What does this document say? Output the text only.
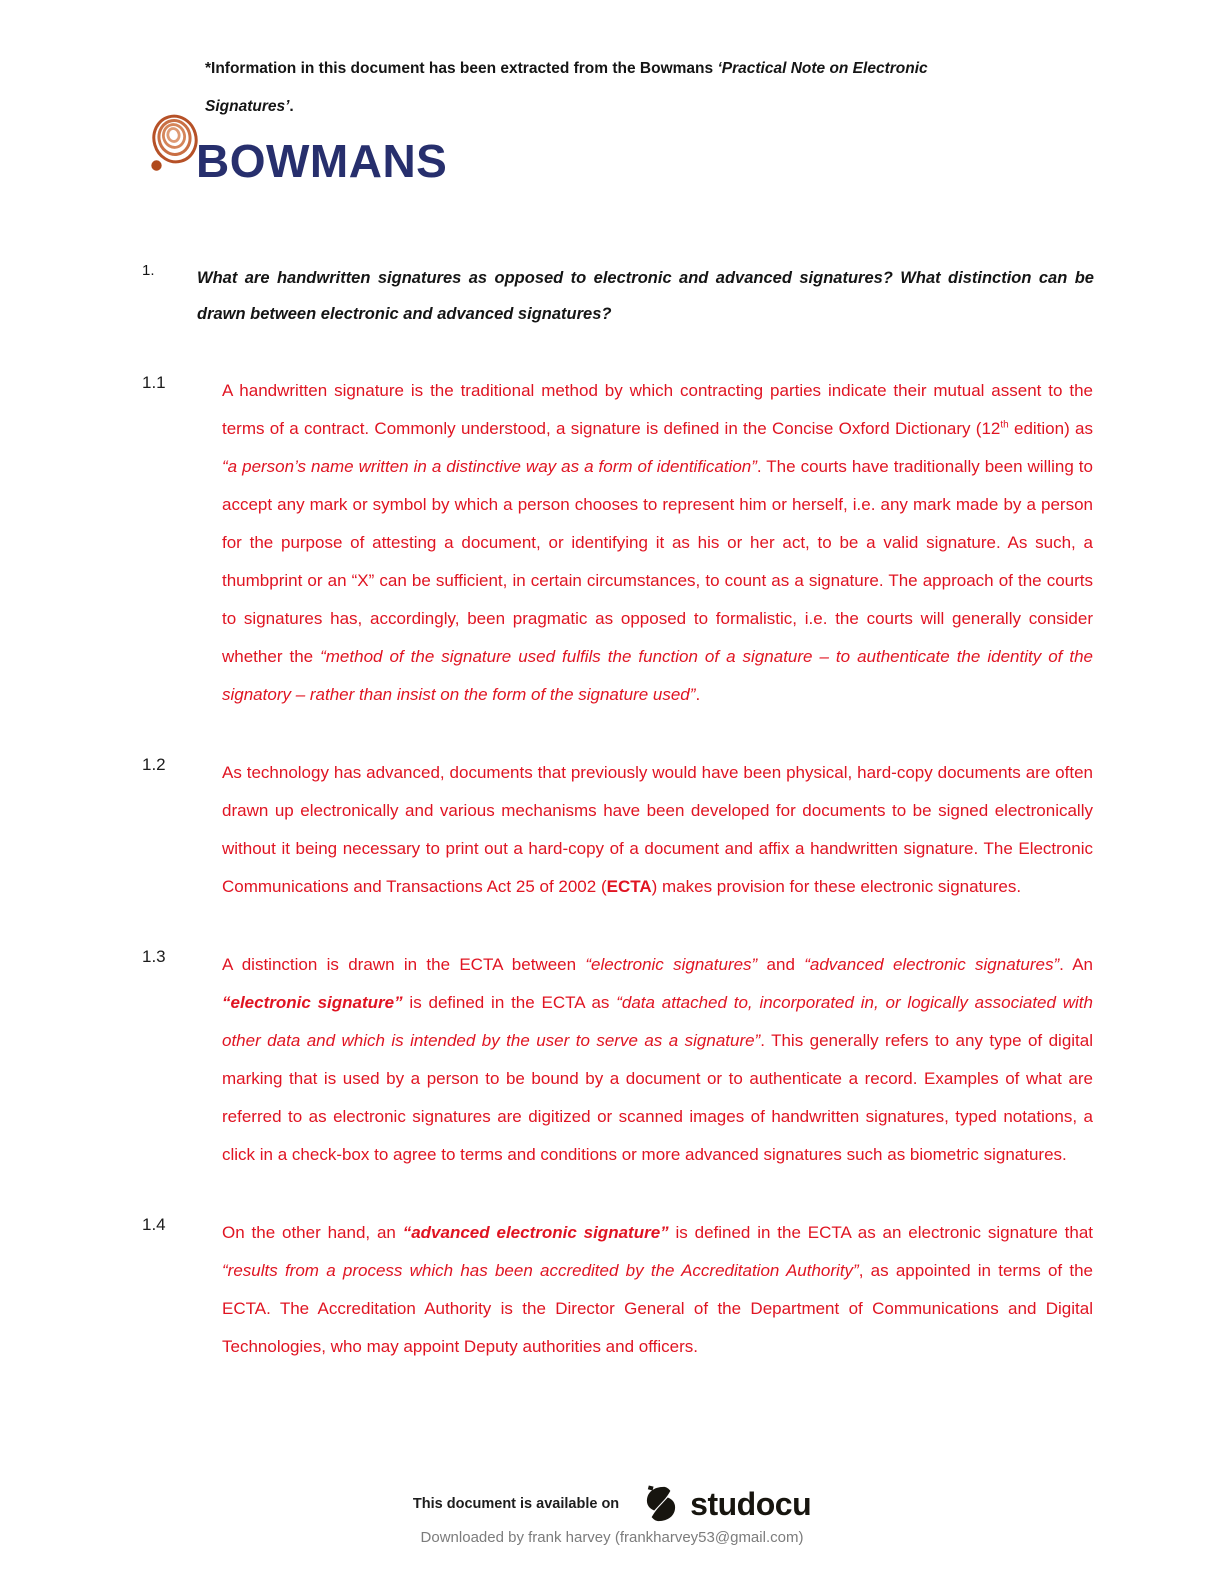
*Information in this document has been extracted from the Bowmans ‘Practical Note on Electronic Signatures’.

BOWMANS
1.	What are handwritten signatures as opposed to electronic and advanced signatures? What distinction can be drawn between electronic and advanced signatures?

1.1	A handwritten signature is the traditional method by which contracting parties indicate their mutual assent to the terms of a contract. Commonly understood, a signature is defined in the Concise Oxford Dictionary (12th edition) as “a person’s name written in a distinctive way as a form of identification”. The courts have traditionally been willing to accept any mark or symbol by which a person chooses to represent him or herself, i.e. any mark made by a person for the purpose of attesting a document, or identifying it as his or her act, to be a valid signature. As such, a thumbprint or an “X” can be sufficient, in certain circumstances, to count as a signature. The approach of the courts to signatures has, accordingly, been pragmatic as opposed to formalistic, i.e. the courts will generally consider whether the “method of the signature used fulfils the function of a signature – to authenticate the identity of the signatory – rather than insist on the form of the signature used”.

1.2	As technology has advanced, documents that previously would have been physical, hard-copy documents are often drawn up electronically and various mechanisms have been developed for documents to be signed electronically without it being necessary to print out a hard-copy of a document and affix a handwritten signature. The Electronic Communications and Transactions Act 25 of 2002 (ECTA) makes provision for these electronic signatures.

1.3	A distinction is drawn in the ECTA between “electronic signatures” and “advanced electronic signatures”. An “electronic signature” is defined in the ECTA as “data attached to, incorporated in, or logically associated with other data and which is intended by the user to serve as a signature”. This generally refers to any type of digital marking that is used by a person to be bound by a document or to authenticate a record. Examples of what are referred to as electronic signatures are digitized or scanned images of handwritten signatures, typed notations, a click in a check-box to agree to terms and conditions or more advanced signatures such as biometric signatures.

1.4	On the other hand, an “advanced electronic signature” is defined in the ECTA as an electronic signature that “results from a process which has been accredited by the Accreditation Authority”, as appointed in terms of the ECTA. The Accreditation Authority is the Director General of the Department of Communications and Digital Technologies, who may appoint Deputy authorities and officers.

This document is available on studocu
Downloaded by frank harvey (frankharvey53@gmail.com)
